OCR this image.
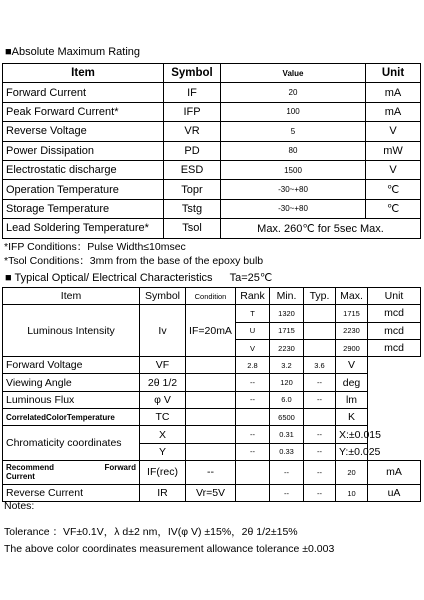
■Absolute Maximum Rating
Item	Symbol	Value	Unit
Forward Current	IF	20	mA
Peak Forward Current*	IFP	100	mA
Reverse Voltage	VR	5	V
Power Dissipation	PD	80	mW
Electrostatic discharge	ESD	1500	V
Operation Temperature	Topr	-30~+80	℃
Storage Temperature	Tstg	-30~+80	℃
Lead Soldering Temperature*	Tsol	Max. 260℃ for 5sec Max.	
*IFP Conditions：Pulse Width≤10msec
*Tsol Conditions：3mm from the base of the epoxy bulb
■ Typical Optical/ Electrical Characteristics Ta=25℃
Item	Symbol	Condition	Rank	Min.	Typ.	Max.	Unit
Luminous Intensity	Iv	IF=20mA	T	1320		1715	mcd
			U	1715		2230	mcd
			V	2230		2900	mcd
Forward Voltage	VF		2.8	3.2	3.6	V	
Viewing Angle	2θ 1/2		--	120	--	deg	
Luminous Flux	φ V		--	6.0	--	lm	
CorrelatedColorTemperature	TC			6500		K	
Chromaticity coordinates	X		--	0.31	--	X:±0.015	
	Y		--	0.33	--	Y:±0.025	

Recommend Forward
Current	IF(rec)	--		--	--	20	mA
Reverse Current	IR	Vr=5V		--	--	10	uA
Notes:
Tolerance ：VF±0.1V，λ d±2 nm，IV(φ V) ±15%，2θ 1/2±15%
The above color coordinates measurement allowance tolerance ±0.003
